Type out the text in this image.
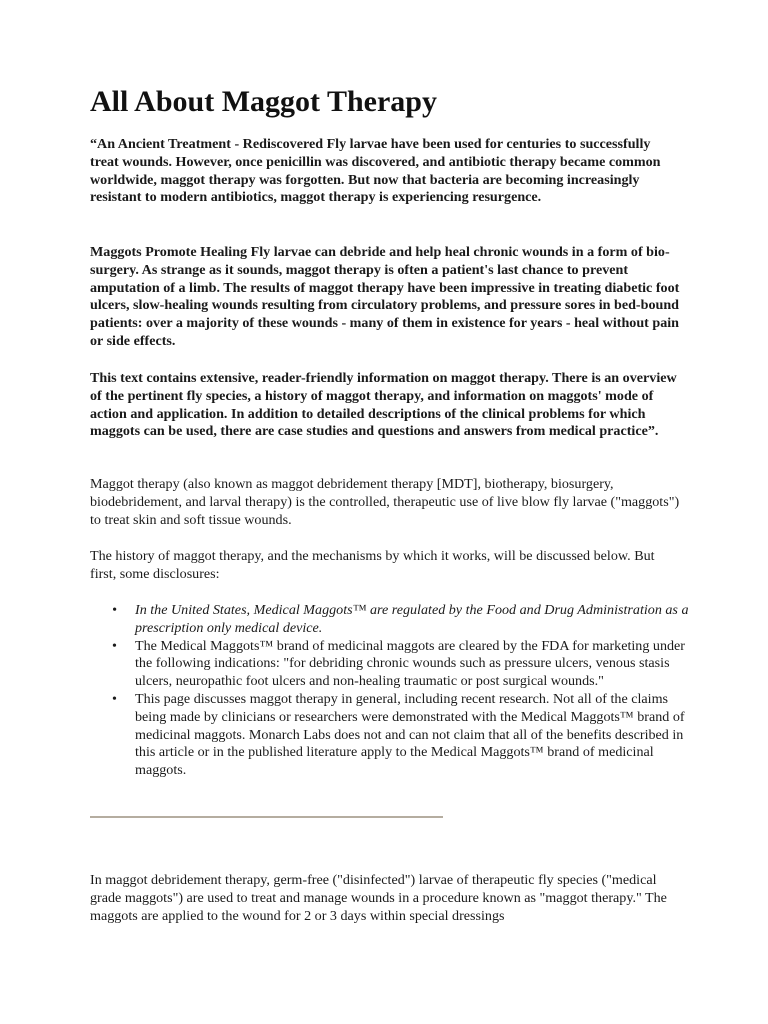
All About Maggot Therapy

“An Ancient Treatment - Rediscovered Fly larvae have been used for centuries to successfully treat wounds. However, once penicillin was discovered, and antibiotic therapy became common worldwide, maggot therapy was forgotten. But now that bacteria are becoming increasingly resistant to modern antibiotics, maggot therapy is experiencing resurgence.

Maggots Promote Healing Fly larvae can debride and help heal chronic wounds in a form of bio-surgery. As strange as it sounds, maggot therapy is often a patient's last chance to prevent amputation of a limb. The results of maggot therapy have been impressive in treating diabetic foot ulcers, slow-healing wounds resulting from circulatory problems, and pressure sores in bed-bound patients: over a majority of these wounds - many of them in existence for years - heal without pain or side effects.

This text contains extensive, reader-friendly information on maggot therapy. There is an overview of the pertinent fly species, a history of maggot therapy, and information on maggots' mode of action and application. In addition to detailed descriptions of the clinical problems for which maggots can be used, there are case studies and questions and answers from medical practice”.

Maggot therapy (also known as maggot debridement therapy [MDT], biotherapy, biosurgery, biodebridement, and larval therapy) is the controlled, therapeutic use of live blow fly larvae ("maggots") to treat skin and soft tissue wounds.

The history of maggot therapy, and the mechanisms by which it works, will be discussed below. But first, some disclosures:

• In the United States, Medical Maggots™ are regulated by the Food and Drug Administration as a prescription only medical device.
• The Medical Maggots™ brand of medicinal maggots are cleared by the FDA for marketing under the following indications: "for debriding chronic wounds such as pressure ulcers, venous stasis ulcers, neuropathic foot ulcers and non-healing traumatic or post surgical wounds."
• This page discusses maggot therapy in general, including recent research. Not all of the claims being made by clinicians or researchers were demonstrated with the Medical Maggots™ brand of medicinal maggots. Monarch Labs does not and can not claim that all of the benefits described in this article or in the published literature apply to the Medical Maggots™ brand of medicinal maggots.

In maggot debridement therapy, germ-free ("disinfected") larvae of therapeutic fly species ("medical grade maggots") are used to treat and manage wounds in a procedure known as "maggot therapy." The maggots are applied to the wound for 2 or 3 days within special dressings
